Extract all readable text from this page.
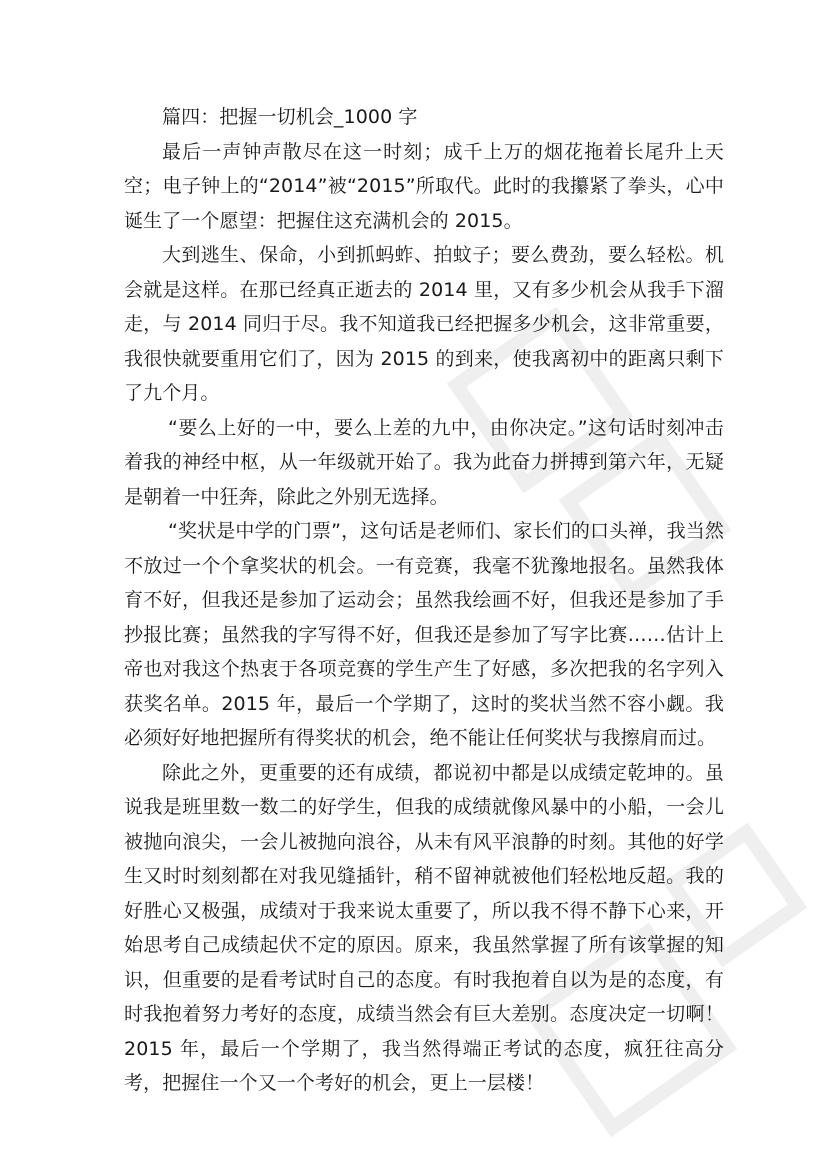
篇四：把握一切机会_1000 字

最后一声钟声散尽在这一时刻；成千上万的烟花拖着长尾升上天空；电子钟上的“2014”被“2015”所取代。此时的我攥紧了拳头，心中诞生了一个愿望：把握住这充满机会的 2015。

大到逃生、保命，小到抓蚂蚱、拍蚊子；要么费劲，要么轻松。机会就是这样。在那已经真正逝去的 2014 里，又有多少机会从我手下溜走，与 2014 同归于尽。我不知道我已经把握多少机会，这非常重要，我很快就要重用它们了，因为 2015 的到来，使我离初中的距离只剩下了九个月。

“要么上好的一中，要么上差的九中，由你决定。”这句话时刻冲击着我的神经中枢，从一年级就开始了。我为此奋力拼搏到第六年，无疑是朝着一中狂奔，除此之外别无选择。

“奖状是中学的门票”，这句话是老师们、家长们的口头禅，我当然不放过一个个拿奖状的机会。一有竞赛，我毫不犹豫地报名。虽然我体育不好，但我还是参加了运动会；虽然我绘画不好，但我还是参加了手抄报比赛；虽然我的字写得不好，但我还是参加了写字比赛……估计上帝也对我这个热衷于各项竞赛的学生产生了好感，多次把我的名字列入获奖名单。2015 年，最后一个学期了，这时的奖状当然不容小觑。我必须好好地把握所有得奖状的机会，绝不能让任何奖状与我擦肩而过。

除此之外，更重要的还有成绩，都说初中都是以成绩定乾坤的。虽说我是班里数一数二的好学生，但我的成绩就像风暴中的小船，一会儿被抛向浪尖，一会儿被抛向浪谷，从未有风平浪静的时刻。其他的好学生又时时刻刻都在对我见缝插针，稍不留神就被他们轻松地反超。我的好胜心又极强，成绩对于我来说太重要了，所以我不得不静下心来，开始思考自己成绩起伏不定的原因。原来，我虽然掌握了所有该掌握的知识，但重要的是看考试时自己的态度。有时我抱着自以为是的态度，有时我抱着努力考好的态度，成绩当然会有巨大差别。态度决定一切啊！2015 年，最后一个学期了，我当然得端正考试的态度，疯狂往高分考，把握住一个又一个考好的机会，更上一层楼！
